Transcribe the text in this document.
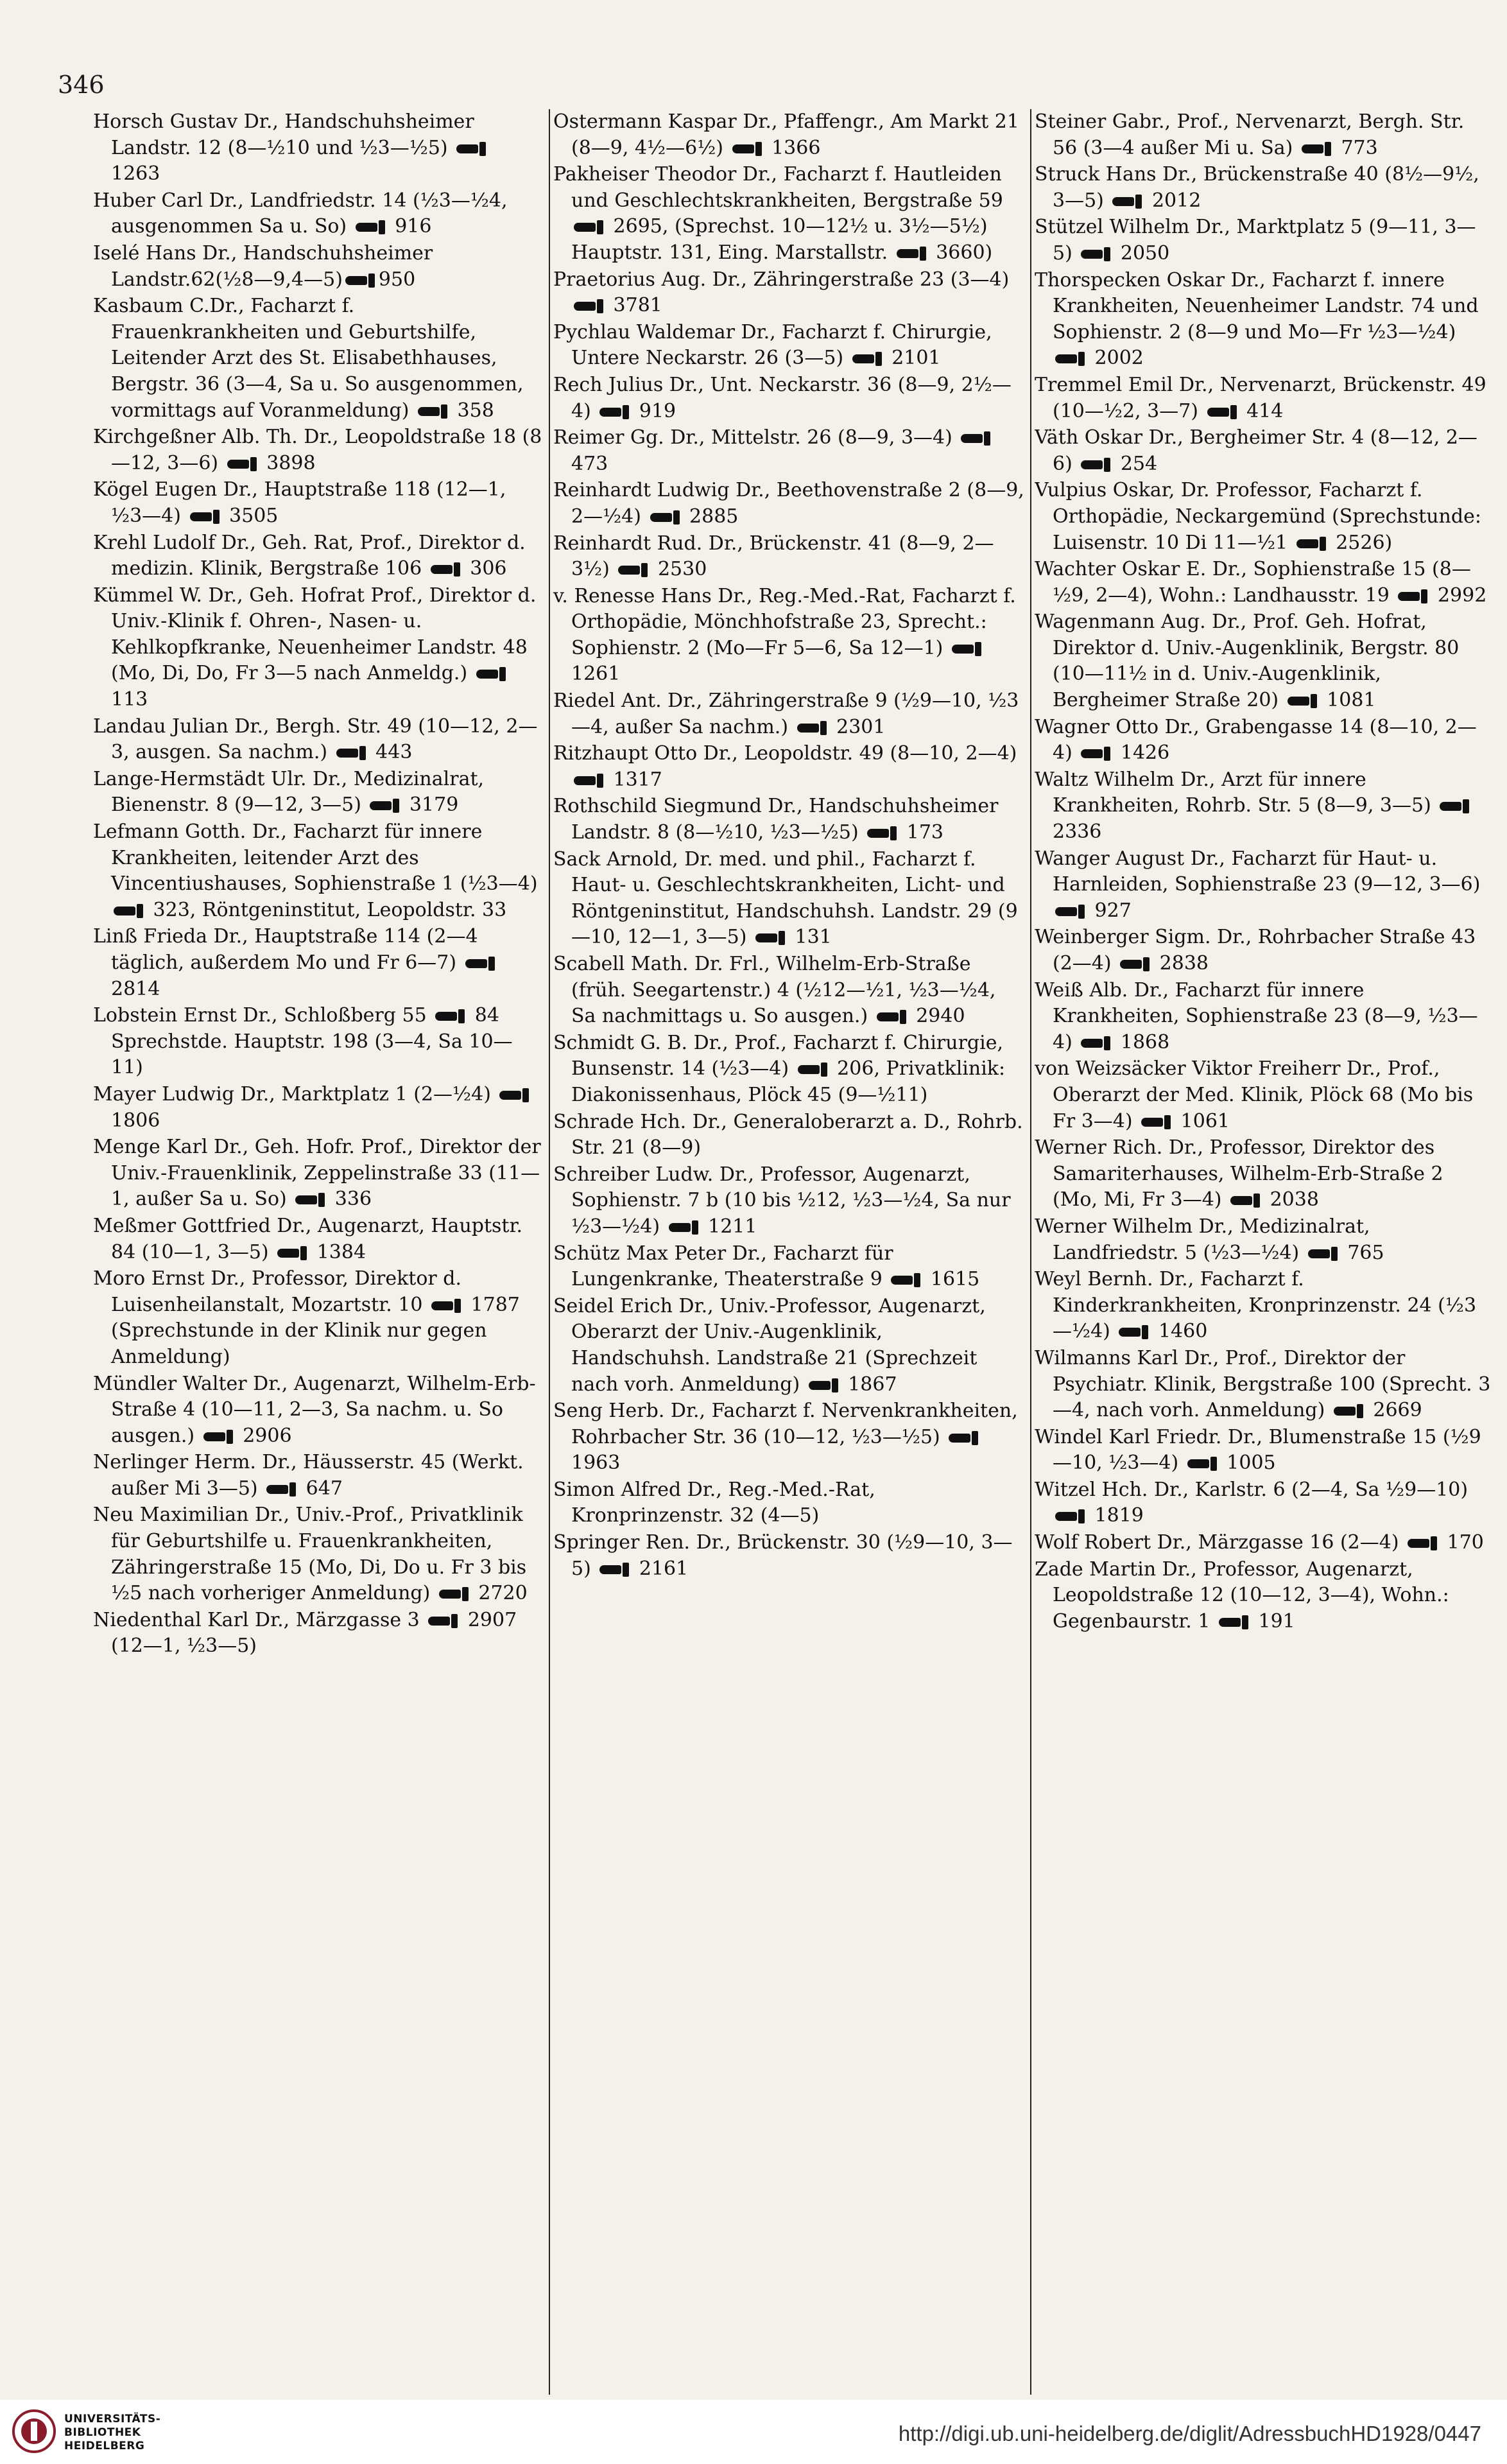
346
Horsch Gustav Dr., Handschuhsheimer Landstr. 12 (8—½10 und ½3—½5)  1263
Huber Carl Dr., Landfriedstr. 14 (½3—½4, ausgenommen Sa u. So)  916
Iselé Hans Dr., Handschuhsheimer Landstr.62(½8—9,4—5) 950
Kasbaum C.Dr., Facharzt f. Frauenkrankheiten und Geburtshilfe, Leitender Arzt des St. Elisabethhauses, Bergstr. 36 (3—4, Sa u. So ausgenommen, vormittags auf Voranmeldung)  358
Kirchgeßner Alb. Th. Dr., Leopoldstraße 18 (8—12, 3—6)  3898
Kögel Eugen Dr., Hauptstraße 118 (12—1, ½3—4)  3505
Krehl Ludolf Dr., Geh. Rat, Prof., Direktor d. medizin. Klinik, Bergstraße 106  306
Kümmel W. Dr., Geh. Hofrat Prof., Direktor d. Univ.-Klinik f. Ohren-, Nasen- u. Kehlkopfkranke, Neuenheimer Landstr. 48 (Mo, Di, Do, Fr 3—5 nach Anmeldg.)  113
Landau Julian Dr., Bergh. Str. 49 (10—12, 2—3, ausgen. Sa nachm.)  443
Lange-Hermstädt Ulr. Dr., Medizinalrat, Bienenstr. 8 (9—12, 3—5)  3179
Lefmann Gotth. Dr., Facharzt für innere Krankheiten, leitender Arzt des Vincentiushauses, Sophienstraße 1 (½3—4)  323, Röntgeninstitut, Leopoldstr. 33
Linß Frieda Dr., Hauptstraße 114 (2—4 täglich, außerdem Mo und Fr 6—7)  2814
Lobstein Ernst Dr., Schloßberg 55  84 Sprechstde. Hauptstr. 198 (3—4, Sa 10—11)
Mayer Ludwig Dr., Marktplatz 1 (2—½4)  1806
Menge Karl Dr., Geh. Hofr. Prof., Direktor der Univ.-Frauenklinik, Zeppelinstraße 33 (11—1, außer Sa u. So)  336
Meßmer Gottfried Dr., Augenarzt, Hauptstr. 84 (10—1, 3—5)  1384
Moro Ernst Dr., Professor, Direktor d. Luisenheilanstalt, Mozartstr. 10  1787 (Sprechstunde in der Klinik nur gegen Anmeldung)
Mündler Walter Dr., Augenarzt, Wilhelm-Erb-Straße 4 (10—11, 2—3, Sa nachm. u. So ausgen.)  2906
Nerlinger Herm. Dr., Häusserstr. 45 (Werkt. außer Mi 3—5)  647
Neu Maximilian Dr., Univ.-Prof., Privatklinik für Geburtshilfe u. Frauenkrankheiten, Zähringerstraße 15 (Mo, Di, Do u. Fr 3 bis ½5 nach vorheriger Anmeldung)  2720
Niedenthal Karl Dr., Märzgasse 3  2907 (12—1, ½3—5)
Ostermann Kaspar Dr., Pfaffengr., Am Markt 21 (8—9, 4½—6½)  1366
Pakheiser Theodor Dr., Facharzt f. Hautleiden und Geschlechtskrankheiten, Bergstraße 59  2695, (Sprechst. 10—12½ u. 3½—5½) Hauptstr. 131, Eing. Marstallstr.  3660)
Praetorius Aug. Dr., Zähringerstraße 23 (3—4)  3781
Pychlau Waldemar Dr., Facharzt f. Chirurgie, Untere Neckarstr. 26 (3—5)  2101
Rech Julius Dr., Unt. Neckarstr. 36 (8—9, 2½—4)  919
Reimer Gg. Dr., Mittelstr. 26 (8—9, 3—4)  473
Reinhardt Ludwig Dr., Beethovenstraße 2 (8—9, 2—½4)  2885
Reinhardt Rud. Dr., Brückenstr. 41 (8—9, 2—3½)  2530
v. Renesse Hans Dr., Reg.-Med.-Rat, Facharzt f. Orthopädie, Mönchhofstraße 23, Sprecht.: Sophienstr. 2 (Mo—Fr 5—6, Sa 12—1)  1261
Riedel Ant. Dr., Zähringerstraße 9 (½9—10, ½3—4, außer Sa nachm.)  2301
Ritzhaupt Otto Dr., Leopoldstr. 49 (8—10, 2—4)  1317
Rothschild Siegmund Dr., Handschuhsheimer Landstr. 8 (8—½10, ½3—½5)  173
Sack Arnold, Dr. med. und phil., Facharzt f. Haut- u. Geschlechtskrankheiten, Licht- und Röntgeninstitut, Handschuhsh. Landstr. 29 (9—10, 12—1, 3—5)  131
Scabell Math. Dr. Frl., Wilhelm-Erb-Straße (früh. Seegartenstr.) 4 (½12—½1, ½3—½4, Sa nachmittags u. So ausgen.)  2940
Schmidt G. B. Dr., Prof., Facharzt f. Chirurgie, Bunsenstr. 14 (½3—4)  206, Privatklinik: Diakonissenhaus, Plöck 45 (9—½11)
Schrade Hch. Dr., Generaloberarzt a. D., Rohrb. Str. 21 (8—9)
Schreiber Ludw. Dr., Professor, Augenarzt, Sophienstr. 7 b (10 bis ½12, ½3—½4, Sa nur ½3—½4)  1211
Schütz Max Peter Dr., Facharzt für Lungenkranke, Theaterstraße 9  1615
Seidel Erich Dr., Univ.-Professor, Augenarzt, Oberarzt der Univ.-Augenklinik, Handschuhsh. Landstraße 21 (Sprechzeit nach vorh. Anmeldung)  1867
Seng Herb. Dr., Facharzt f. Nervenkrankheiten, Rohrbacher Str. 36 (10—12, ½3—½5)  1963
Simon Alfred Dr., Reg.-Med.-Rat, Kronprinzenstr. 32 (4—5)
Springer Ren. Dr., Brückenstr. 30 (½9—10, 3—5)  2161
Steiner Gabr., Prof., Nervenarzt, Bergh. Str. 56 (3—4 außer Mi u. Sa)  773
Struck Hans Dr., Brückenstraße 40 (8½—9½, 3—5)  2012
Stützel Wilhelm Dr., Marktplatz 5 (9—11, 3—5)  2050
Thorspecken Oskar Dr., Facharzt f. innere Krankheiten, Neuenheimer Landstr. 74 und Sophienstr. 2 (8—9 und Mo—Fr ½3—½4)  2002
Tremmel Emil Dr., Nervenarzt, Brückenstr. 49 (10—½2, 3—7)  414
Väth Oskar Dr., Bergheimer Str. 4 (8—12, 2—6)  254
Vulpius Oskar, Dr. Professor, Facharzt f. Orthopädie, Neckargemünd (Sprechstunde: Luisenstr. 10 Di 11—½1  2526)
Wachter Oskar E. Dr., Sophienstraße 15 (8—½9, 2—4), Wohn.: Landhausstr. 19  2992
Wagenmann Aug. Dr., Prof. Geh. Hofrat, Direktor d. Univ.-Augenklinik, Bergstr. 80 (10—11½ in d. Univ.-Augenklinik, Bergheimer Straße 20)  1081
Wagner Otto Dr., Grabengasse 14 (8—10, 2—4)  1426
Waltz Wilhelm Dr., Arzt für innere Krankheiten, Rohrb. Str. 5 (8—9, 3—5)  2336
Wanger August Dr., Facharzt für Haut- u. Harnleiden, Sophienstraße 23 (9—12, 3—6)  927
Weinberger Sigm. Dr., Rohrbacher Straße 43 (2—4)  2838
Weiß Alb. Dr., Facharzt für innere Krankheiten, Sophienstraße 23 (8—9, ½3—4)  1868
von Weizsäcker Viktor Freiherr Dr., Prof., Oberarzt der Med. Klinik, Plöck 68 (Mo bis Fr 3—4)  1061
Werner Rich. Dr., Professor, Direktor des Samariterhauses, Wilhelm-Erb-Straße 2 (Mo, Mi, Fr 3—4)  2038
Werner Wilhelm Dr., Medizinalrat, Landfriedstr. 5 (½3—½4)  765
Weyl Bernh. Dr., Facharzt f. Kinderkrankheiten, Kronprinzenstr. 24 (½3—½4)  1460
Wilmanns Karl Dr., Prof., Direktor der Psychiatr. Klinik, Bergstraße 100 (Sprecht. 3—4, nach vorh. Anmeldung)  2669
Windel Karl Friedr. Dr., Blumenstraße 15 (½9—10, ½3—4)  1005
Witzel Hch. Dr., Karlstr. 6 (2—4, Sa ½9—10)  1819
Wolf Robert Dr., Märzgasse 16 (2—4)  170
Zade Martin Dr., Professor, Augenarzt, Leopoldstraße 12 (10—12, 3—4), Wohn.: Gegenbaurstr. 1  191
UNIVERSITÄTS-
BIBLIOTHEK
HEIDELBERG
http://digi.ub.uni-heidelberg.de/diglit/AdressbuchHD1928/0447
